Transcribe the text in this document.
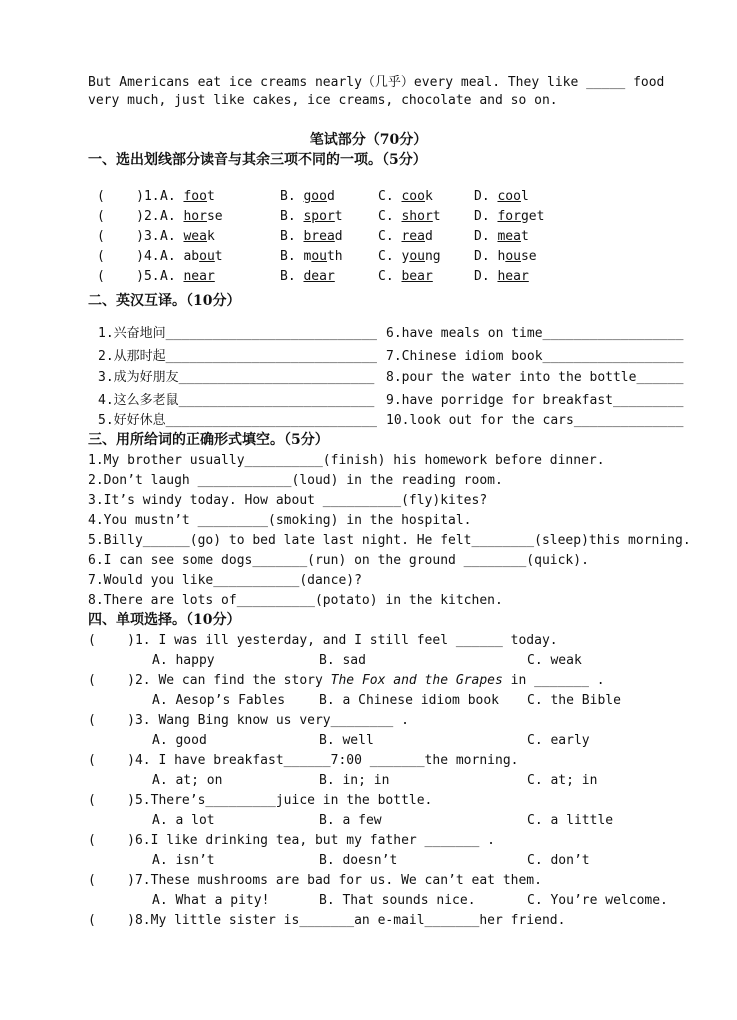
But Americans eat ice creams nearly（几乎）every meal. They like _____ food
very much, just like cakes, ice creams, chocolate and so on.
笔试部分（70分）
一、选出划线部分读音与其余三项不同的一项。（5分）
(    )1. A. foot	B. good	C. cook	D. cool
(    )2. A. horse	B. sport	C. short	D. forget
(    )3. A. weak	B. bread	C. read	D. meat
(    )4. A. about	B. mouth	C. young	D. house
(    )5. A. near	B. dear	C. bear	D. hear
二、英汉互译。（10分）
1.兴奋地问___________________________
2.从那时起___________________________
3.成为好朋友_________________________
4.这么多老鼠_________________________
5.好好休息___________________________
6.have meals on time__________________
7.Chinese idiom book__________________
8.pour the water into the bottle______
9.have porridge for breakfast_________
10.look out for the cars______________
三、用所给词的正确形式填空。（5分）
1.My brother usually__________(finish) his homework before dinner.
2.Don’t laugh ____________(loud) in the reading room.
3.It’s windy today. How about __________(fly)kites?
4.You mustn’t _________(smoking) in the hospital.
5.Billy______(go) to bed late last night. He felt________(sleep)this morning.
6.I can see some dogs_______(run) on the ground ________(quick).
7.Would you like___________(dance)?
8.There are lots of__________(potato) in the kitchen.
四、单项选择。（10分）
(    )1. I was ill yesterday, and I still feel ______ today.
A. happy	B. sad	C. weak
(    )2. We can find the story The Fox and the Grapes in _______ .
A. Aesop’s Fables	B. a Chinese idiom book C. the Bible
(    )3. Wang Bing know us very________ .
A. good	B. well	C. early
(    )4. I have breakfast______7:00 _______the morning.
A. at; on	B. in; in	C. at; in
(    )5.There’s_________juice in the bottle.
A. a lot	B. a few	C. a little
(    )6.I like drinking tea, but my father _______ .
A. isn’t	B. doesn’t	C. don’t
(    )7.These mushrooms are bad for us. We can’t eat them.
A. What a pity!	B. That sounds nice.	C. You’re welcome.
(    )8.My little sister is_______an e-mail_______her friend.
